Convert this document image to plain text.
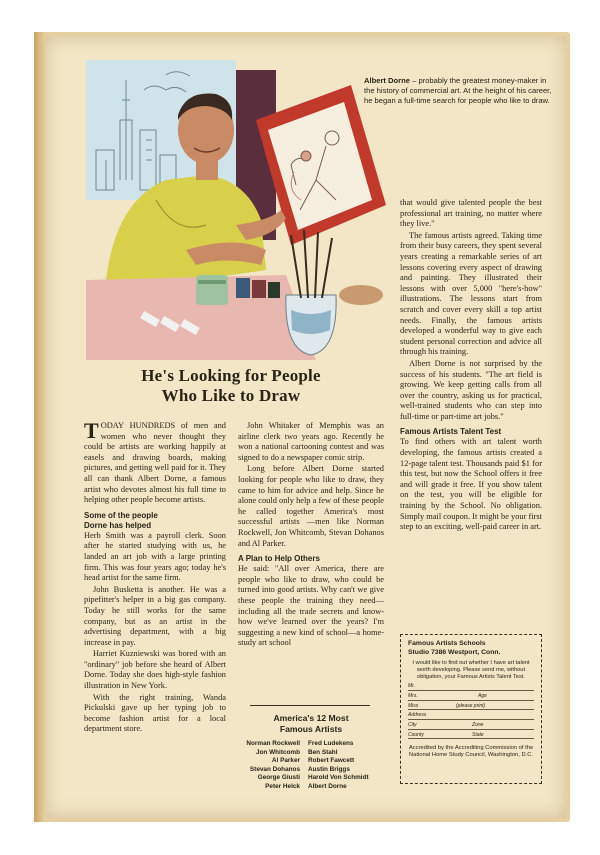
Albert Dorne – probably the greatest money-maker in the history of commercial art. At the height of his career, he began a full-time search for people who like to draw.
He's Looking for People
Who Like to Draw

TODAY HUNDREDS of men and women who never thought they could be artists are working happily at easels and drawing boards, making pictures, and getting well paid for it. They all can thank Albert Dorne, a famous artist who devotes almost his full time to helping other people become artists.

Some of the people
Dorne has helped

Herb Smith was a payroll clerk. Soon after he started studying with us, he landed an art job with a large printing firm. This was four years ago; today he's head artist for the same firm.

John Busketta is another. He was a pipefitter's helper in a big gas company. Today he still works for the same company, but as an artist in the advertising department, with a big increase in pay.

Harriet Kuzniewski was bored with an "ordinary" job before she heard of Albert Dorne. Today she does high-style fashion illustration in New York.

With the right training, Wanda Pickulski gave up her typing job to become fashion artist for a local department store.

John Whitaker of Memphis was an airline clerk two years ago. Recently he won a national cartooning contest and was signed to do a newspaper comic strip.

Long before Albert Dorne started looking for people who like to draw, they came to him for advice and help. Since he alone could only help a few of these people he called together America's most successful artists —men like Norman Rockwell, Jon Whitcomb, Stevan Dohanos and Al Parker.

A Plan to Help Others

He said: "All over America, there are people who like to draw, who could be turned into good artists. Why can't we give these people the training they need—including all the trade secrets and know-how we've learned over the years? I'm suggesting a new kind of school—a home-study art school

that would give talented people the best professional art training, no matter where they live."

The famous artists agreed. Taking time from their busy careers, they spent several years creating a remarkable series of art lessons covering every aspect of drawing and painting. They illustrated their lessons with over 5,000 "here's-how" illustrations. The lessons start from scratch and cover every skill a top artist needs. Finally, the famous artists developed a wonderful way to give each student personal correction and advice all through his training.

Albert Dorne is not surprised by the success of his students. "The art field is growing. We keep getting calls from all over the country, asking us for practical, well-trained students who can step into full-time or part-time art jobs."

Famous Artists Talent Test

To find others with art talent worth developing, the famous artists created a 12-page talent test. Thousands paid $1 for this test, but now the School offers it free and will grade it free. If you show talent on the test, you will be eligible for training by the School. No obligation. Simply mail coupon. It might be your first step to an exciting, well-paid career in art.

America's 12 Most
Famous Artists
Norman Rockwell	Fred Ludekens
Jon Whitcomb	Ben Stahl
Al Parker	Robert Fawcett
Stevan Dohanos	Austin Briggs
George Giusti	Harold Von Schmidt
Peter Helck	Albert Dorne
Famous Artists Schools
Studio 7386 Westport, Conn.
I would like to find out whether I have art talent worth developing. Please send me, without obligation, your Famous Artists Talent Test.
Mr.
Mrs.	Age
Miss	(please print)
Address
City	Zone
County	State
Accredited by the Accrediting Commission of the National Home Study Council, Washington, D.C.
